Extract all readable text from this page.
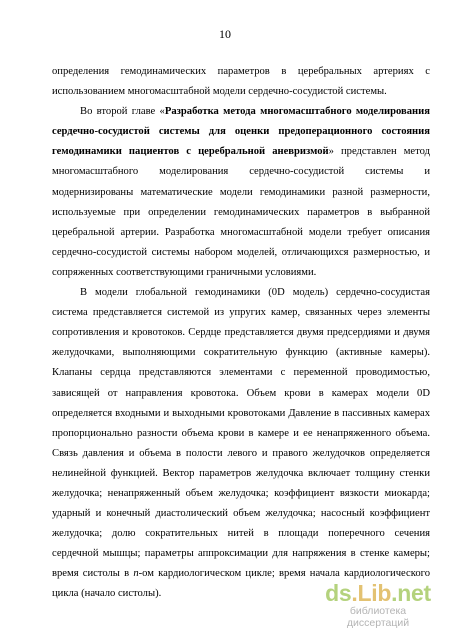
10

определения гемодинамических параметров в церебральных артериях с
использованием многомасштабной модели сердечно-сосудистой системы.

Во второй главе «Разработка метода многомасштабного моделирования сердечно-сосудистой системы для оценки предоперационного состояния гемодинамики пациентов с церебральной аневризмой» представлен метод многомасштабного моделирования сердечно-сосудистой системы и модернизированы математические модели гемодинамики разной размерности, используемые при определении гемодинамических параметров в выбранной церебральной артерии. Разработка многомасштабной модели требует описания сердечно-сосудистой системы набором моделей, отличающихся размерностью, и сопряженных соответствующими граничными условиями.

В модели глобальной гемодинамики (0D модель) сердечно-сосудистая система представляется системой из упругих камер, связанных через элементы сопротивления и кровотоков. Сердце представляется двумя предсердиями и двумя желудочками, выполняющими сократительную функцию (активные камеры). Клапаны сердца представляются элементами с переменной проводимостью, зависящей от направления кровотока. Объем крови в камерах модели 0D определяется входными и выходными кровотоками Давление в пассивных камерах пропорционально разности объема крови в камере и ее ненапряженного объема. Связь давления и объема в полости левого и правого желудочков определяется нелинейной функцией. Вектор параметров желудочка включает толщину стенки желудочка; ненапряженный объем желудочка; коэффициент вязкости миокарда; ударный и конечный диастолический объем желудочка; насосный коэффициент желудочка; долю сократительных нитей в площади поперечного сечения сердечной мышцы; параметры аппроксимации для напряжения в стенке камеры; время систолы в n-ом кардиологическом цикле; время начала кардиологического цикла (начало систолы).	ds.Lib.net
библиотека диссертаций
